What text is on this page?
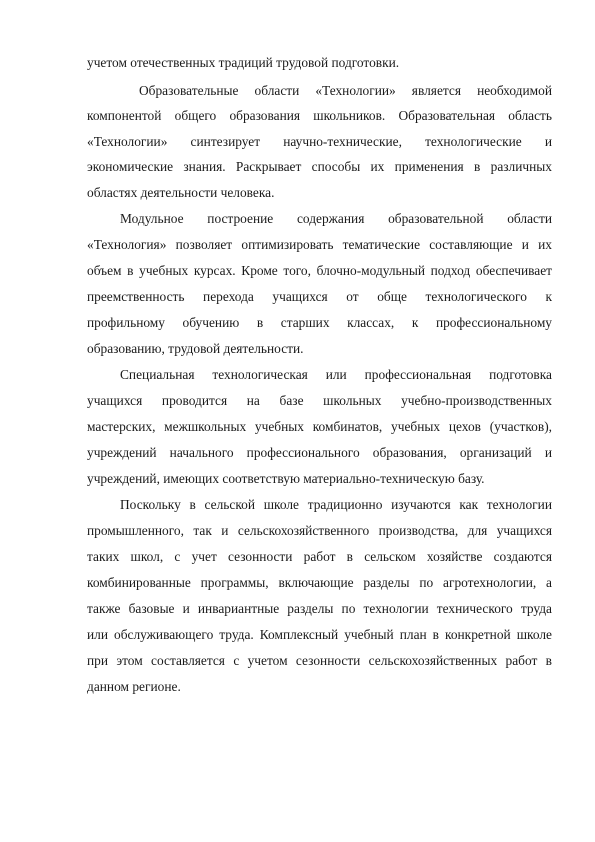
учетом отечественных традиций трудовой подготовки.
Образовательные области «Технологии» является необходимой
компонентой общего образования школьников. Образовательная область
«Технологии» синтезирует научно-технические, технологические и
экономические знания. Раскрывает способы их применения в различных
областях деятельности человека.
Модульное построение содержания образовательной области
«Технология» позволяет оптимизировать тематические составляющие и их
объем в учебных курсах. Кроме того, блочно-модульный подход обеспечивает
преемственность перехода учащихся от обще технологического к
профильному обучению в старших классах, к профессиональному
образованию, трудовой деятельности.
Специальная технологическая или профессиональная подготовка
учащихся проводится на базе школьных учебно-производственных
мастерских, межшкольных учебных комбинатов, учебных цехов (участков),
учреждений начального профессионального образования, организаций и
учреждений, имеющих соответствую материально-техническую базу.
Поскольку в сельской школе традиционно изучаются как технологии
промышленного, так и сельскохозяйственного производства, для учащихся
таких школ, с учет сезонности работ в сельском хозяйстве создаются
комбинированные программы, включающие разделы по агротехнологии, а
также базовые и инвариантные разделы по технологии технического труда
или обслуживающего труда. Комплексный учебный план в конкретной школе
при этом составляется с учетом сезонности сельскохозяйственных работ в
данном регионе.
